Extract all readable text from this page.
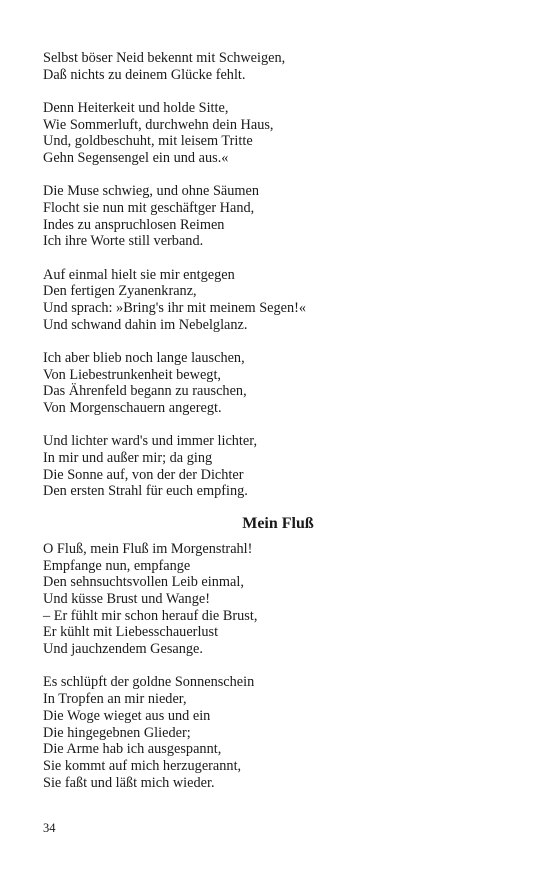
Selbst böser Neid bekennt mit Schweigen,
Daß nichts zu deinem Glücke fehlt.
Denn Heiterkeit und holde Sitte,
Wie Sommerluft, durchwehn dein Haus,
Und, goldbeschuht, mit leisem Tritte
Gehn Segensengel ein und aus.«
Die Muse schwieg, und ohne Säumen
Flocht sie nun mit geschäftger Hand,
Indes zu anspruchlosen Reimen
Ich ihre Worte still verband.
Auf einmal hielt sie mir entgegen
Den fertigen Zyanenkranz,
Und sprach: »Bring's ihr mit meinem Segen!«
Und schwand dahin im Nebelglanz.
Ich aber blieb noch lange lauschen,
Von Liebestrunkenheit bewegt,
Das Ährenfeld begann zu rauschen,
Von Morgenschauern angeregt.
Und lichter ward's und immer lichter,
In mir und außer mir; da ging
Die Sonne auf, von der der Dichter
Den ersten Strahl für euch empfing.
Mein Fluß
O Fluß, mein Fluß im Morgenstrahl!
Empfange nun, empfange
Den sehnsuchtsvollen Leib einmal,
Und küsse Brust und Wange!
– Er fühlt mir schon herauf die Brust,
Er kühlt mit Liebesschauerlust
Und jauchzendem Gesange.
Es schlüpft der goldne Sonnenschein
In Tropfen an mir nieder,
Die Woge wieget aus und ein
Die hingegebnen Glieder;
Die Arme hab ich ausgespannt,
Sie kommt auf mich herzugerannt,
Sie faßt und läßt mich wieder.
34
